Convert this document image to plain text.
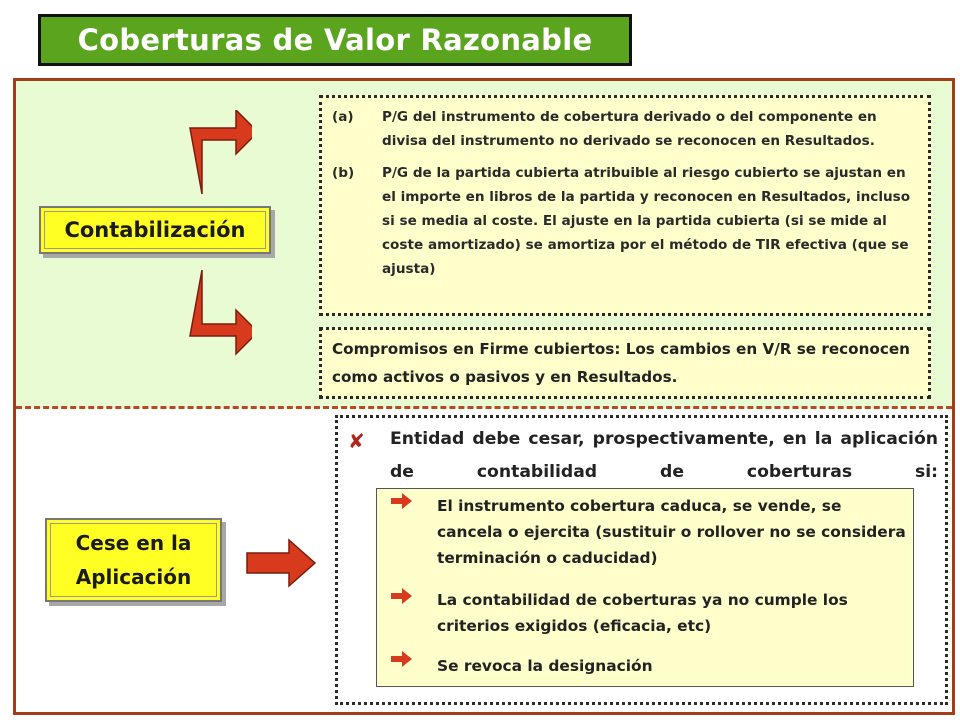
Coberturas de Valor Razonable
Contabilización
(a)	P/G del instrumento de cobertura derivado o del componente en divisa del instrumento no derivado se reconocen en Resultados.
(b)	P/G de la partida cubierta atribuible al riesgo cubierto se ajustan en el importe en libros de la partida y reconocen en Resultados, incluso si se media al coste. El ajuste en la partida cubierta (si se mide al coste amortizado) se amortiza por el método de TIR efectiva (que se ajusta)
Compromisos en Firme cubiertos: Los cambios en V/R se reconocen como activos o pasivos y en Resultados.
Cese en la
Aplicación
✘	Entidad debe cesar, prospectivamente, en la aplicación de contabilidad de coberturas si:
El instrumento cobertura caduca, se vende, se cancela o ejercita (sustituir o rollover no se considera terminación o caducidad)
La contabilidad de coberturas ya no cumple los criterios exigidos (eficacia, etc)
Se revoca la designación
